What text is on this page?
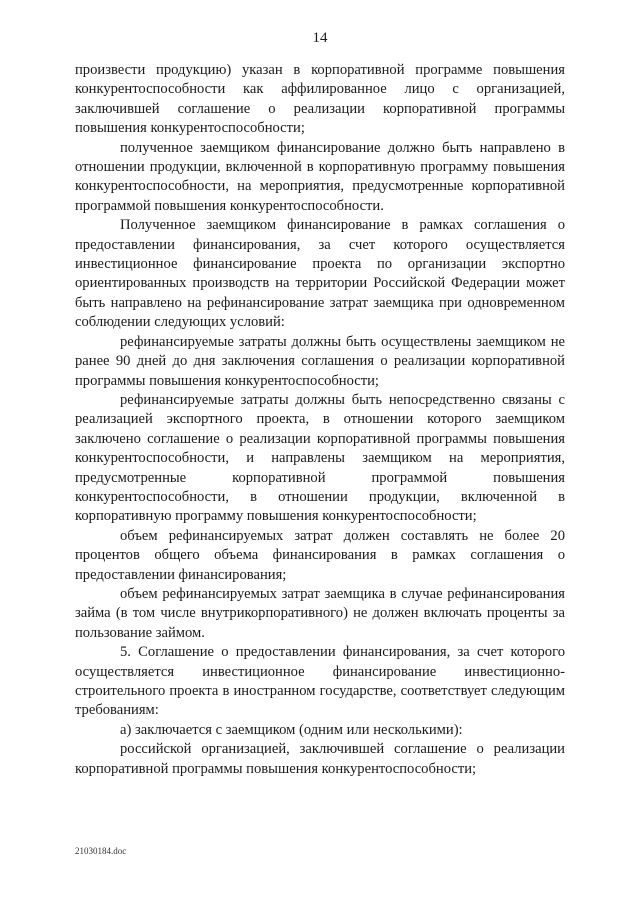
14

произвести продукцию) указан в корпоративной программе повышения конкурентоспособности как аффилированное лицо с организацией, заключившей соглашение о реализации корпоративной программы повышения конкурентоспособности;

полученное заемщиком финансирование должно быть направлено в отношении продукции, включенной в корпоративную программу повышения конкурентоспособности, на мероприятия, предусмотренные корпоративной программой повышения конкурентоспособности.

Полученное заемщиком финансирование в рамках соглашения о предоставлении финансирования, за счет которого осуществляется инвестиционное финансирование проекта по организации экспортно ориентированных производств на территории Российской Федерации может быть направлено на рефинансирование затрат заемщика при одновременном соблюдении следующих условий:

рефинансируемые затраты должны быть осуществлены заемщиком не ранее 90 дней до дня заключения соглашения о реализации корпоративной программы повышения конкурентоспособности;

рефинансируемые затраты должны быть непосредственно связаны с реализацией экспортного проекта, в отношении которого заемщиком заключено соглашение о реализации корпоративной программы повышения конкурентоспособности, и направлены заемщиком на мероприятия, предусмотренные корпоративной программой повышения конкурентоспособности, в отношении продукции, включенной в корпоративную программу повышения конкурентоспособности;

объем рефинансируемых затрат должен составлять не более 20 процентов общего объема финансирования в рамках соглашения о предоставлении финансирования;

объем рефинансируемых затрат заемщика в случае рефинансирования займа (в том числе внутрикорпоративного) не должен включать проценты за пользование займом.

5. Соглашение о предоставлении финансирования, за счет которого осуществляется инвестиционное финансирование инвестиционно-строительного проекта в иностранном государстве, соответствует следующим требованиям:

а) заключается с заемщиком (одним или несколькими):

российской организацией, заключившей соглашение о реализации корпоративной программы повышения конкурентоспособности;

21030184.doc
